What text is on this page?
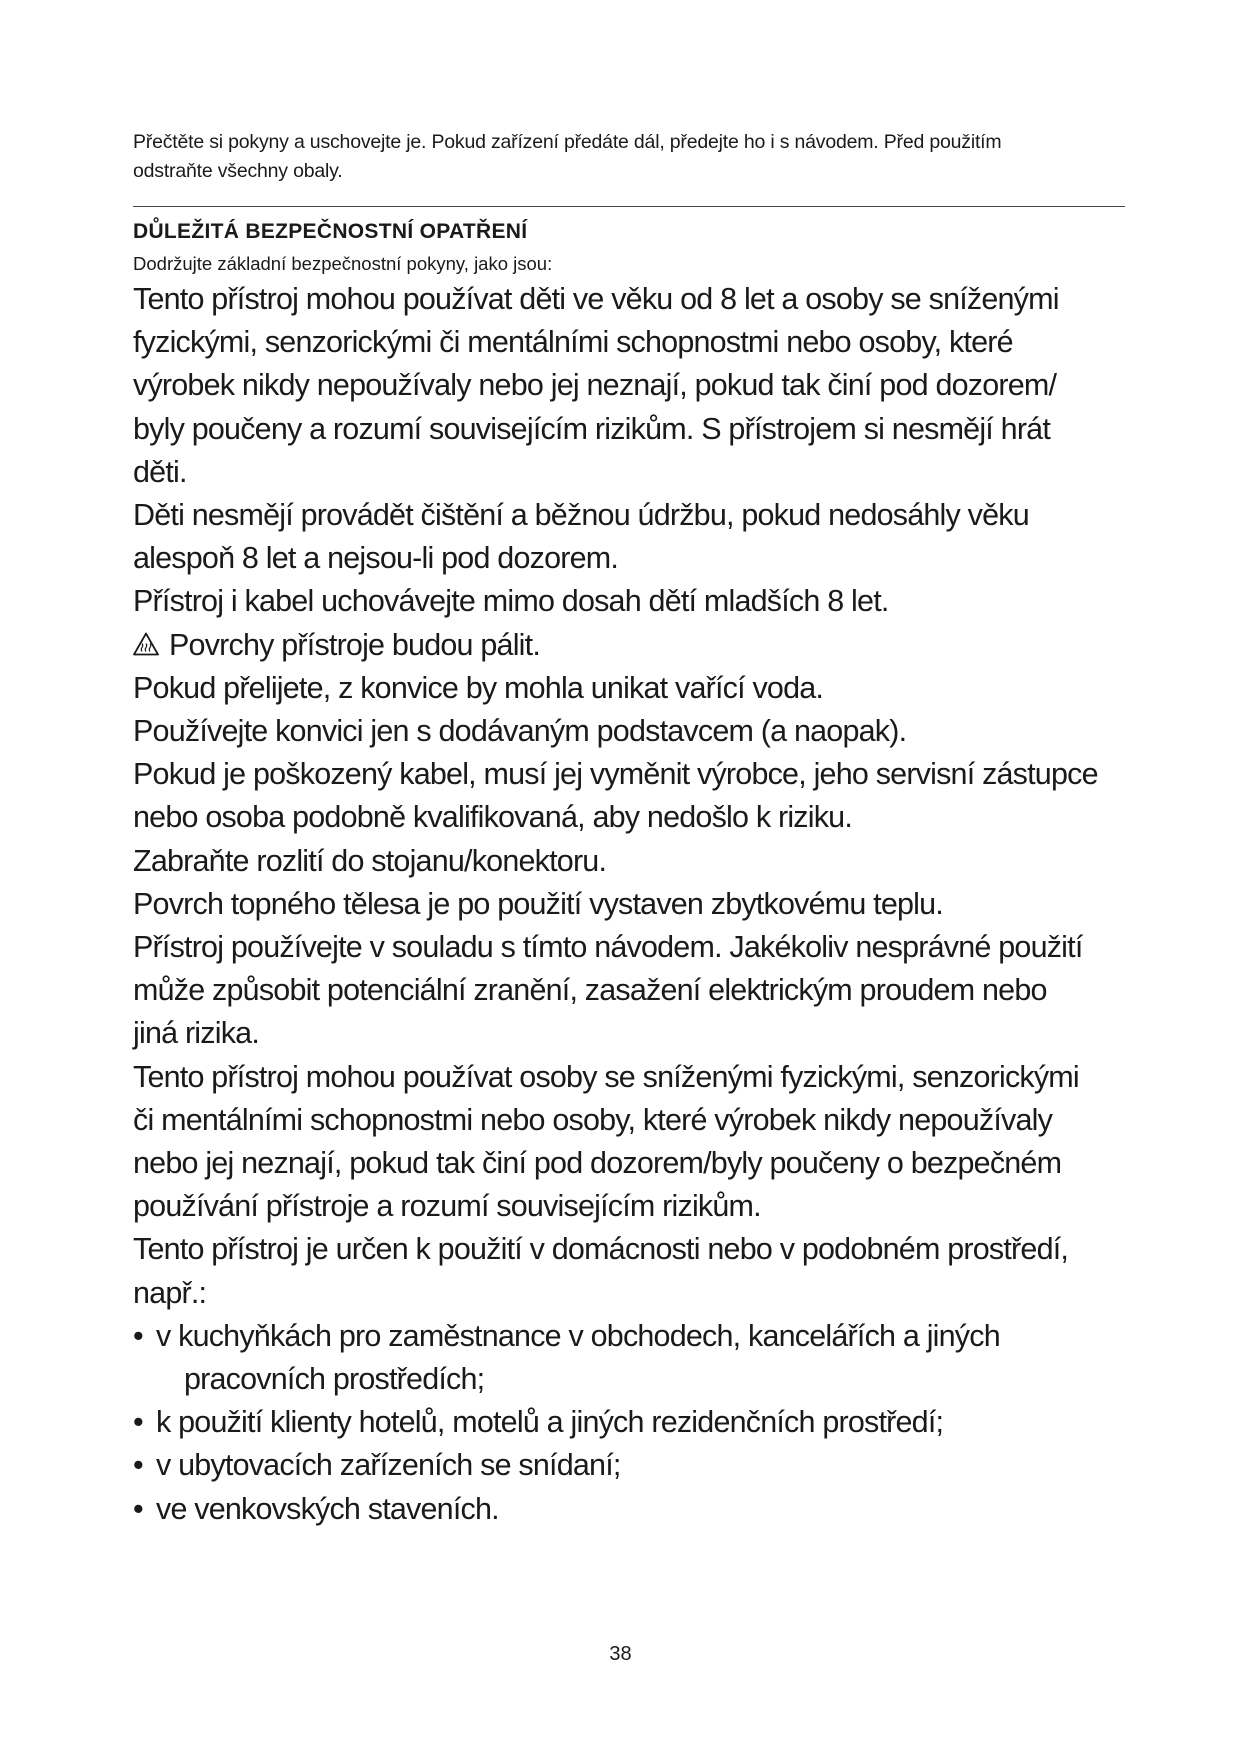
Přečtěte si pokyny a uschovejte je. Pokud zařízení předáte dál, předejte ho i s návodem. Před použitím
odstraňte všechny obaly.

DŮLEŽITÁ BEZPEČNOSTNÍ OPATŘENÍ

Dodržujte základní bezpečnostní pokyny, jako jsou:

Tento přístroj mohou používat děti ve věku od 8 let a osoby se sníženými
fyzickými, senzorickými či mentálními schopnostmi nebo osoby, které
výrobek nikdy nepoužívaly nebo jej neznají, pokud tak činí pod dozorem/
byly poučeny a rozumí souvisejícím rizikům. S přístrojem si nesmějí hrát
děti.

Děti nesmějí provádět čištění a běžnou údržbu, pokud nedosáhly věku
alespoň 8 let a nejsou-li pod dozorem.

Přístroj i kabel uchovávejte mimo dosah dětí mladších 8 let.

Povrchy přístroje budou pálit.

Pokud přelijete, z konvice by mohla unikat vařící voda.

Používejte konvici jen s dodávaným podstavcem (a naopak).

Pokud je poškozený kabel, musí jej vyměnit výrobce, jeho servisní zástupce
nebo osoba podobně kvalifikovaná, aby nedošlo k riziku.

Zabraňte rozlití do stojanu/konektoru.

Povrch topného tělesa je po použití vystaven zbytkovému teplu.

Přístroj používejte v souladu s tímto návodem. Jakékoliv nesprávné použití
může způsobit potenciální zranění, zasažení elektrickým proudem nebo
jiná rizika.

Tento přístroj mohou používat osoby se sníženými fyzickými, senzorickými
či mentálními schopnostmi nebo osoby, které výrobek nikdy nepoužívaly
nebo jej neznají, pokud tak činí pod dozorem/byly poučeny o bezpečném
používání přístroje a rozumí souvisejícím rizikům.

Tento přístroj je určen k použití v domácnosti nebo v podobném prostředí,
např.:

• v kuchyňkách pro zaměstnance v obchodech, kancelářích a jiných
pracovních prostředích;
• k použití klienty hotelů, motelů a jiných rezidenčních prostředí;
• v ubytovacích zařízeních se snídaní;
• ve venkovských staveních.
38
